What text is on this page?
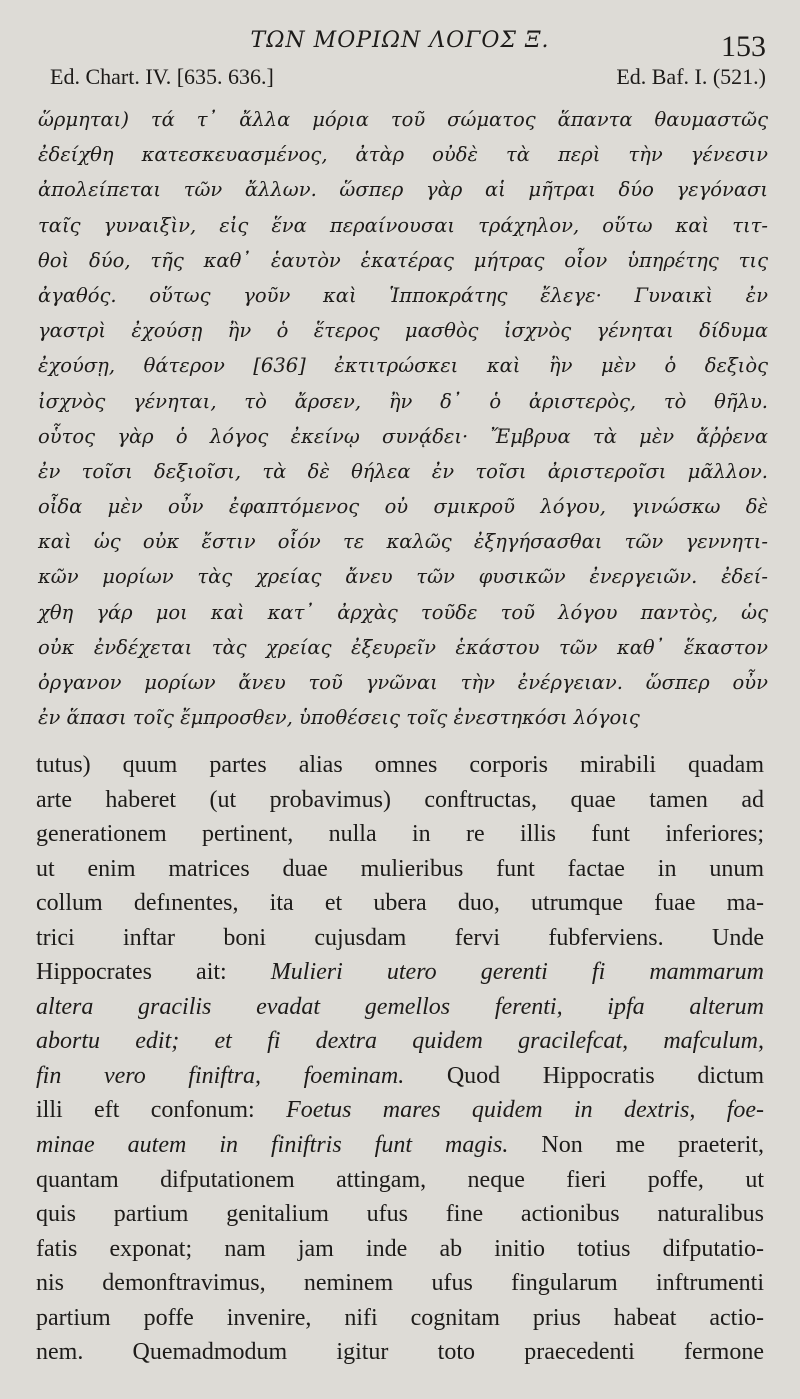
ΤΩΝ ΜΟΡΙΩΝ ΛΟΓΟΣ Ξ.	153
Ed. Chart. IV. [635. 636.]	Ed. Baf. I. (521.)
ὥρμηται) τά τ᾽ ἄλλα μόρια τοῦ σώματος ἅπαντα θαυμαστῶς
ἐδείχθη κατεσκευασμένος, ἀτὰρ οὐδὲ τὰ περὶ τὴν γένεσιν
ἀπολείπεται τῶν ἄλλων. ὥσπερ γὰρ αἱ μῆτραι δύο γεγόνασι
ταῖς γυναιξὶν, εἰς ἕνα περαίνουσαι τράχηλον, οὕτω καὶ τιτ-
θοὶ δύο, τῆς καθ᾽ ἑαυτὸν ἑκατέρας μήτρας οἷον ὑπηρέτης τις
ἀγαθός. οὕτως γοῦν καὶ Ἱπποκράτης ἔλεγε· Γυναικὶ ἐν
γαστρὶ ἐχούσῃ ἢν ὁ ἕτερος μασθὸς ἰσχνὸς γένηται δίδυμα
ἐχούσῃ, θάτερον [636] ἐκτιτρώσκει καὶ ἢν μὲν ὁ δεξιὸς
ἰσχνὸς γένηται, τὸ ἄρσεν, ἢν δ᾽ ὁ ἀριστερὸς, τὸ θῆλυ.
οὗτος γὰρ ὁ λόγος ἐκείνῳ συνᾴδει· Ἔμβρυα τὰ μὲν ἄῤῥενα
ἐν τοῖσι δεξιοῖσι, τὰ δὲ θήλεα ἐν τοῖσι ἀριστεροῖσι μᾶλλον.
οἶδα μὲν οὖν ἐφαπτόμενος οὐ σμικροῦ λόγου, γινώσκω δὲ
καὶ ὡς οὐκ ἔστιν οἷόν τε καλῶς ἐξηγήσασθαι τῶν γεννητι-
κῶν μορίων τὰς χρείας ἄνευ τῶν φυσικῶν ἐνεργειῶν. ἐδεί-
χθη γάρ μοι καὶ κατ᾽ ἀρχὰς τοῦδε τοῦ λόγου παντὸς, ὡς
οὐκ ἐνδέχεται τὰς χρείας ἐξευρεῖν ἑκάστου τῶν καθ᾽ ἕκαστον
ὀργανον μορίων ἄνευ τοῦ γνῶναι τὴν ἐνέργειαν. ὥσπερ οὖν
ἐν ἅπασι τοῖς ἔμπροσθεν, ὑποθέσεις τοῖς ἐνεστηκόσι λόγοις
tutus) quum partes alias omnes corporis mirabili quadam
arte haberet (ut probavimus) conftructas, quae tamen ad
generationem pertinent, nulla in re illis funt inferiores;
ut enim matrices duae mulieribus funt factae in unum
collum defınentes, ita et ubera duo, utrumque fuae ma-
trici inftar boni cujusdam fervi fubferviens. Unde
Hippocrates ait: Mulieri utero gerenti fi mammarum
altera gracilis evadat gemellos ferenti, ipfa alterum
abortu edit; et fi dextra quidem gracilefcat, mafculum,
fin vero finiftra, foeminam. Quod Hippocratis dictum
illi eft confonum: Foetus mares quidem in dextris, foe-
minae autem in finiftris funt magis. Non me praeterit,
quantam difputationem attingam, neque fieri poffe, ut
quis partium genitalium ufus fine actionibus naturalibus
fatis exponat; nam jam inde ab initio totius difputatio-
nis demonftravimus, neminem ufus fingularum inftrumenti
partium poffe invenire, nifi cognitam prius habeat actio-
nem. Quemadmodum igitur toto praecedenti fermone
